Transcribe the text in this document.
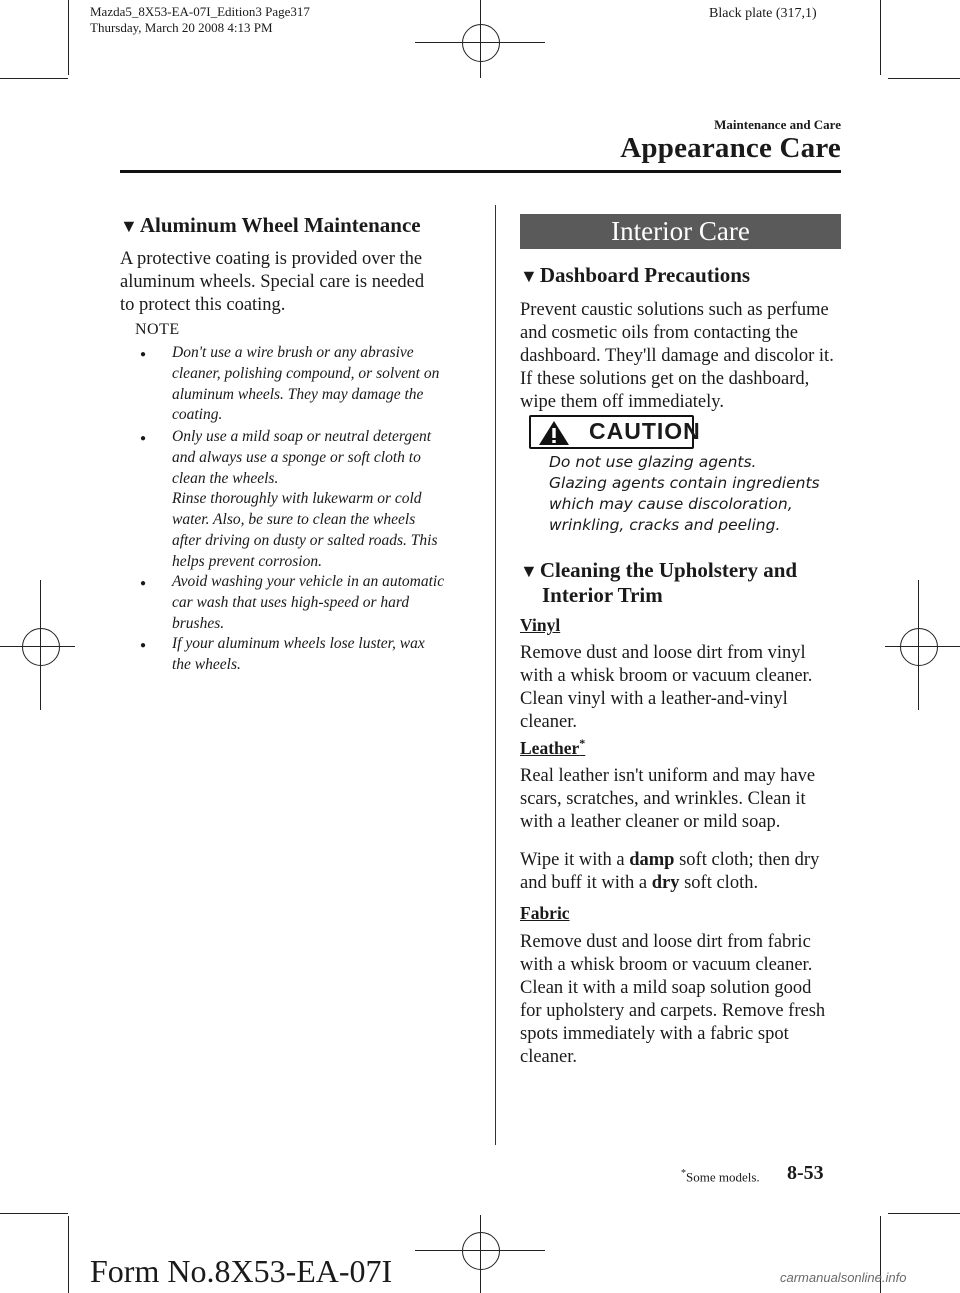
Mazda5_8X53-EA-07I_Edition3 Page317
Thursday, March 20 2008 4:13 PM
Black plate (317,1)
Maintenance and Care
Appearance Care
▼Aluminum Wheel Maintenance
A protective coating is provided over the
aluminum wheels. Special care is needed
to protect this coating.
NOTE
● Don't use a wire brush or any abrasive
cleaner, polishing compound, or solvent on
aluminum wheels. They may damage the
coating.
● Only use a mild soap or neutral detergent
and always use a sponge or soft cloth to
clean the wheels.
Rinse thoroughly with lukewarm or cold
water. Also, be sure to clean the wheels
after driving on dusty or salted roads. This
helps prevent corrosion.
● Avoid washing your vehicle in an automatic
car wash that uses high-speed or hard
brushes.
● If your aluminum wheels lose luster, wax
the wheels.
Interior Care
▼Dashboard Precautions
Prevent caustic solutions such as perfume
and cosmetic oils from contacting the
dashboard. They'll damage and discolor it.
If these solutions get on the dashboard,
wipe them off immediately.
CAUTION
Do not use glazing agents.
Glazing agents contain ingredients
which may cause discoloration,
wrinkling, cracks and peeling.
▼Cleaning the Upholstery and
Interior Trim
Vinyl
Remove dust and loose dirt from vinyl
with a whisk broom or vacuum cleaner.
Clean vinyl with a leather-and-vinyl
cleaner.
Leather*
Real leather isn't uniform and may have
scars, scratches, and wrinkles. Clean it
with a leather cleaner or mild soap.
Wipe it with a damp soft cloth; then dry
and buff it with a dry soft cloth.
Fabric
Remove dust and loose dirt from fabric
with a whisk broom or vacuum cleaner.
Clean it with a mild soap solution good
for upholstery and carpets. Remove fresh
spots immediately with a fabric spot
cleaner.
*Some models. 8-53
Form No.8X53-EA-07I	carmanualsonline.info
